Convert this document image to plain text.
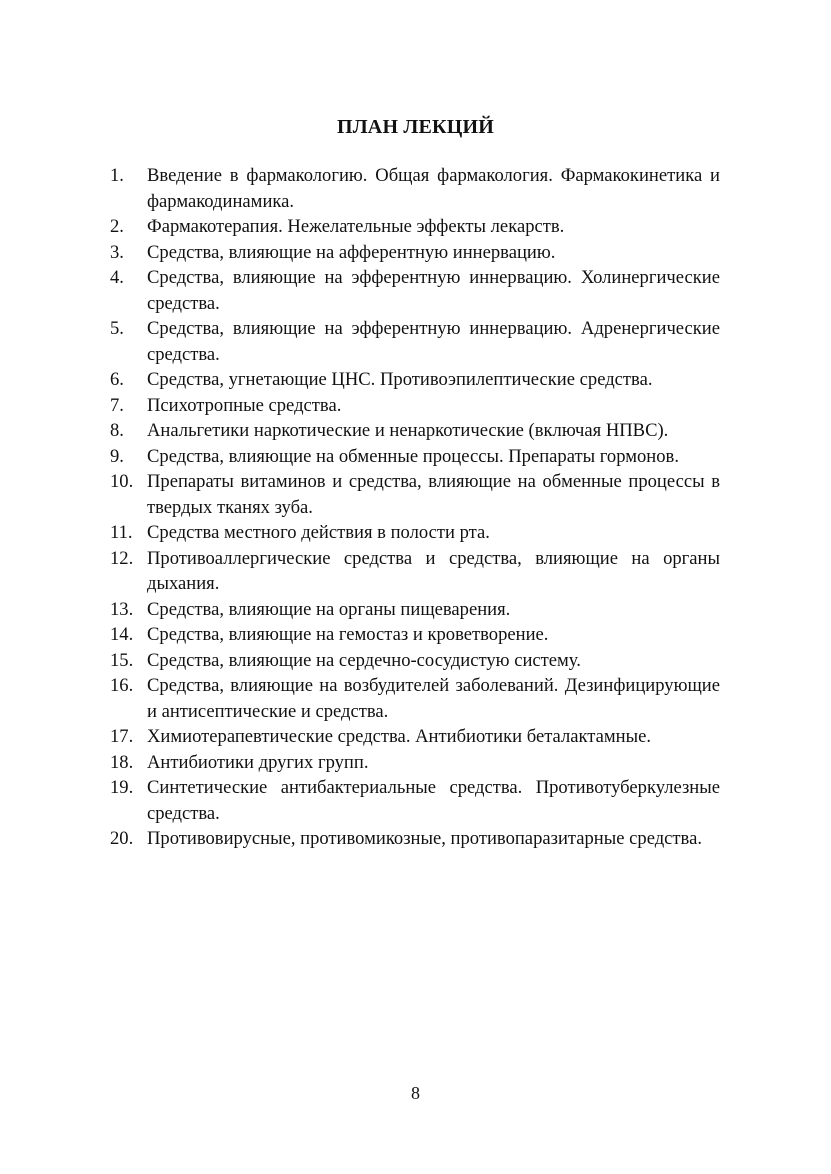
ПЛАН ЛЕКЦИЙ
1.	Введение в фармакологию. Общая фармакология. Фармакокинетика и фармакодинамика.
2.	Фармакотерапия. Нежелательные эффекты лекарств.
3.	Средства, влияющие на афферентную иннервацию.
4.	Средства, влияющие на эфферентную иннервацию. Холинергические средства.
5.	Средства, влияющие на эфферентную иннервацию. Адренергические средства.
6.	Средства, угнетающие ЦНС. Противоэпилептические средства.
7.	Психотропные средства.
8.	Анальгетики наркотические и ненаркотические (включая НПВС).
9.	Средства, влияющие на обменные процессы. Препараты гормонов.
10. Препараты витаминов и средства, влияющие на обменные процессы в твердых тканях зуба.
11. Средства местного действия в полости рта.
12. Противоаллергические средства и средства, влияющие на органы дыхания.
13. Средства, влияющие на органы пищеварения.
14. Средства, влияющие на гемостаз и кроветворение.
15. Средства, влияющие на сердечно-сосудистую систему.
16. Средства, влияющие на возбудителей заболеваний. Дезинфицирующие и антисептические и средства.
17. Химиотерапевтические средства. Антибиотики беталактамные.
18. Антибиотики других групп.
19. Синтетические антибактериальные средства. Противотуберкулезные средства.
20. Противовирусные, противомикозные, противопаразитарные средства.
8
